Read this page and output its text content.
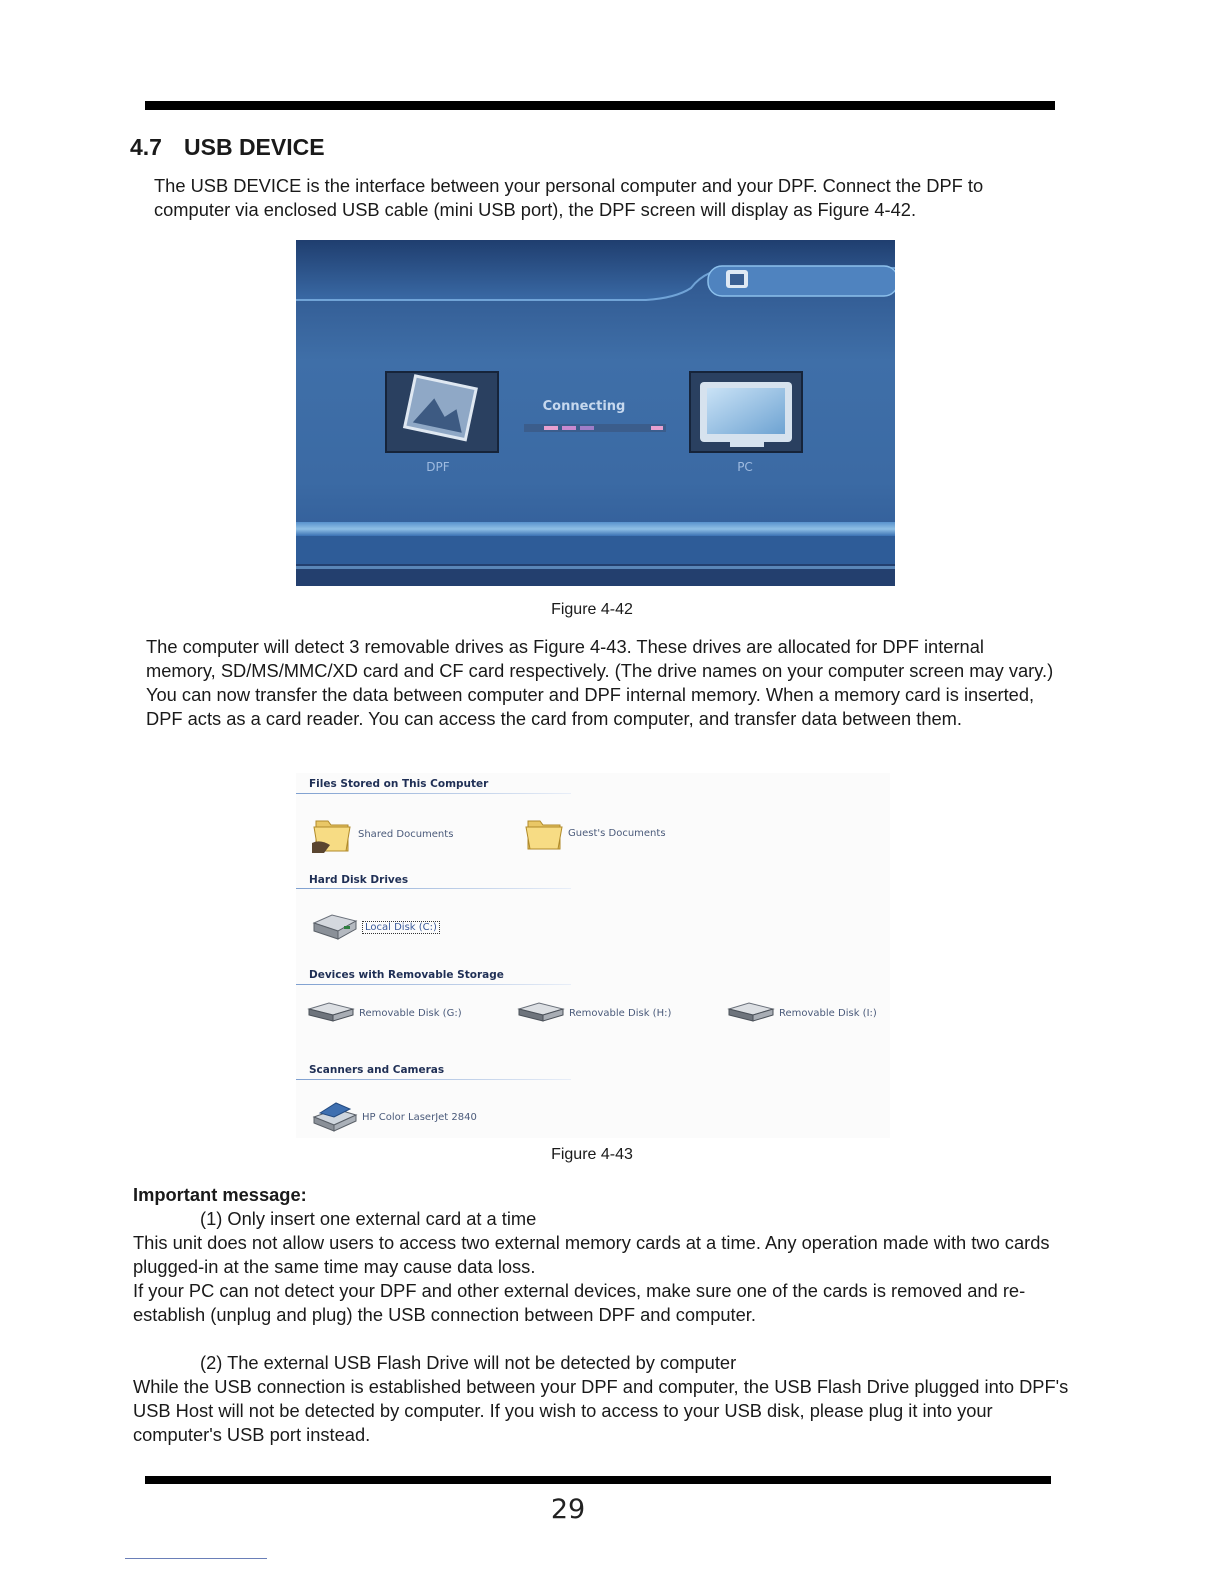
4.7 USB DEVICE

The USB DEVICE is the interface between your personal computer and your DPF. Connect the DPF to computer via enclosed USB cable (mini USB port), the DPF screen will display as Figure 4-42.

DPF
Connecting
PC
Figure 4-42

The computer will detect 3 removable drives as Figure 4-43. These drives are allocated for DPF internal memory, SD/MS/MMC/XD card and CF card respectively. (The drive names on your computer screen may vary.) You can now transfer the data between computer and DPF internal memory. When a memory card is inserted, DPF acts as a card reader. You can access the card from computer, and transfer data between them.

Files Stored on This Computer
Shared Documents	Guest's Documents
Hard Disk Drives
Local Disk (C:)
Devices with Removable Storage
Removable Disk (G:)	Removable Disk (H:)	Removable Disk (I:)
Scanners and Cameras
HP Color LaserJet 2840
Figure 4-43

Important message:

(1) Only insert one external card at a time

This unit does not allow users to access two external memory cards at a time. Any operation made with two cards plugged-in at the same time may cause data loss.

If your PC can not detect your DPF and other external devices, make sure one of the cards is removed and re-establish (unplug and plug) the USB connection between DPF and computer.

(2) The external USB Flash Drive will not be detected by computer

While the USB connection is established between your DPF and computer, the USB Flash Drive plugged into DPF's USB Host will not be detected by computer. If you wish to access to your USB disk, please plug it into your computer's USB port instead.

29
